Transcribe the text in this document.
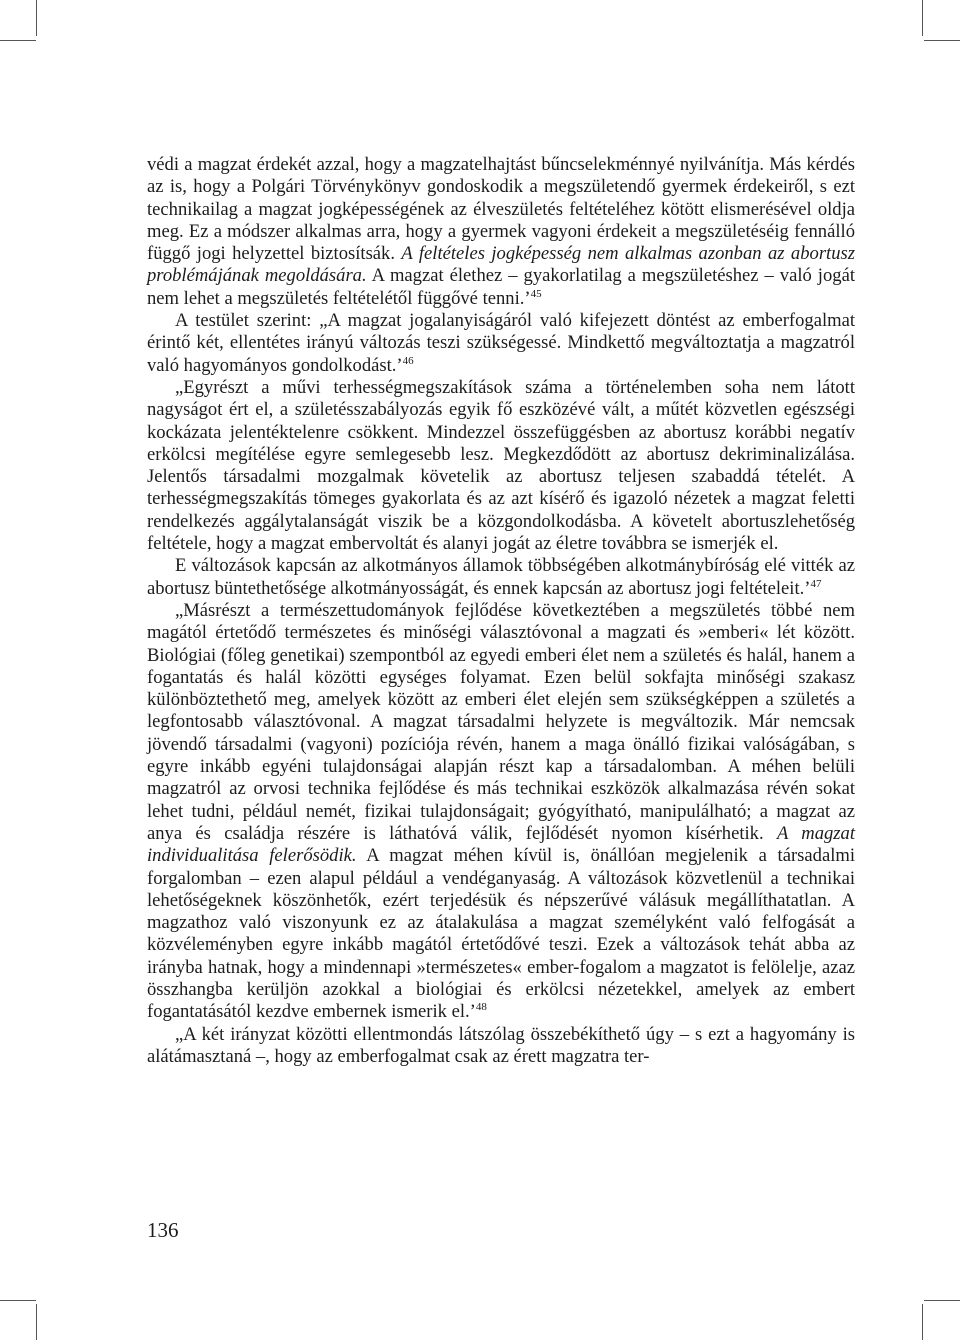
védi a magzat érdekét azzal, hogy a magzatelhajtást bűncselekménnyé nyilvánítja. Más kérdés az is, hogy a Polgári Törvénykönyv gondoskodik a megszületendő gyermek érdekeiről, s ezt technikailag a magzat jogképességének az élveszületés feltételéhez kötött elismerésével oldja meg. Ez a módszer alkalmas arra, hogy a gyermek vagyoni érdekeit a megszületéséig fennálló függő jogi helyzettel biztosítsák. A feltételes jogképesség nem alkalmas azonban az abortusz problémájának megoldására. A magzat élethez – gyakorlatilag a megszületéshez – való jogát nem lehet a megszületés feltételétől függővé tenni.’$^{45}$

A testület szerint: „A magzat jogalanyiságáról való kifejezett döntést az emberfogalmat érintő két, ellentétes irányú változás teszi szükségessé. Mindkettő megváltoztatja a magzatról való hagyományos gondolkodást.’$^{46}$

„Egyrészt a művi terhességmegszakítások száma a történelemben soha nem látott nagyságot ért el, a születésszabályozás egyik fő eszközévé vált, a műtét közvetlen egészségi kockázata jelentéktelenre csökkent. Mindezzel összefüggésben az abortusz korábbi negatív erkölcsi megítélése egyre semlegesebb lesz. Megkezdődött az abortusz dekriminalizálása. Jelentős társadalmi mozgalmak követelik az abortusz teljesen szabaddá tételét. A terhességmegszakítás tömeges gyakorlata és az azt kísérő és igazoló nézetek a magzat feletti rendelkezés aggálytalanságát viszik be a közgondolkodásba. A követelt abortuszlehetőség feltétele, hogy a magzat embervoltát és alanyi jogát az életre továbbra se ismerjék el.

E változások kapcsán az alkotmányos államok többségében alkotmánybíróság elé vitték az abortusz büntethetősége alkotmányosságát, és ennek kapcsán az abortusz jogi feltételeit.’$^{47}$

„Másrészt a természettudományok fejlődése következtében a megszületés többé nem magától értetődő természetes és minőségi választóvonal a magzati és »emberi« lét között. Biológiai (főleg genetikai) szempontból az egyedi emberi élet nem a születés és halál, hanem a fogantatás és halál közötti egységes folyamat. Ezen belül sokfajta minőségi szakasz különböztethető meg, amelyek között az emberi élet elején sem szükségképpen a születés a legfontosabb választóvonal. A magzat társadalmi helyzete is megváltozik. Már nemcsak jövendő társadalmi (vagyoni) pozíciója révén, hanem a maga önálló fizikai valóságában, s egyre inkább egyéni tulajdonságai alapján részt kap a társadalomban. A méhen belüli magzatról az orvosi technika fejlődése és más technikai eszközök alkalmazása révén sokat lehet tudni, például nemét, fizikai tulajdonságait; gyógyítható, manipulálható; a magzat az anya és családja részére is láthatóvá válik, fejlődését nyomon kísérhetik. A magzat individualitása felerősödik. A magzat méhen kívül is, önállóan megjelenik a társadalmi forgalomban – ezen alapul például a vendéganyaság. A változások közvetlenül a technikai lehetőségeknek köszönhetők, ezért terjedésük és népszerűvé válásuk megállíthatatlan. A magzathoz való viszonyunk ez az átalakulása a magzat személyként való felfogását a közvéleményben egyre inkább magától értetődővé teszi. Ezek a változások tehát abba az irányba hatnak, hogy a mindennapi »természetes« ember-fogalom a magzatot is felölelje, azaz összhangba kerüljön azokkal a biológiai és erkölcsi nézetekkel, amelyek az embert fogantatásától kezdve embernek ismerik el.’$^{48}$

„A két irányzat közötti ellentmondás látszólag összebékíthető úgy – s ezt a hagyomány is alátámasztaná –, hogy az emberfogalmat csak az érett magzatra ter-

136
